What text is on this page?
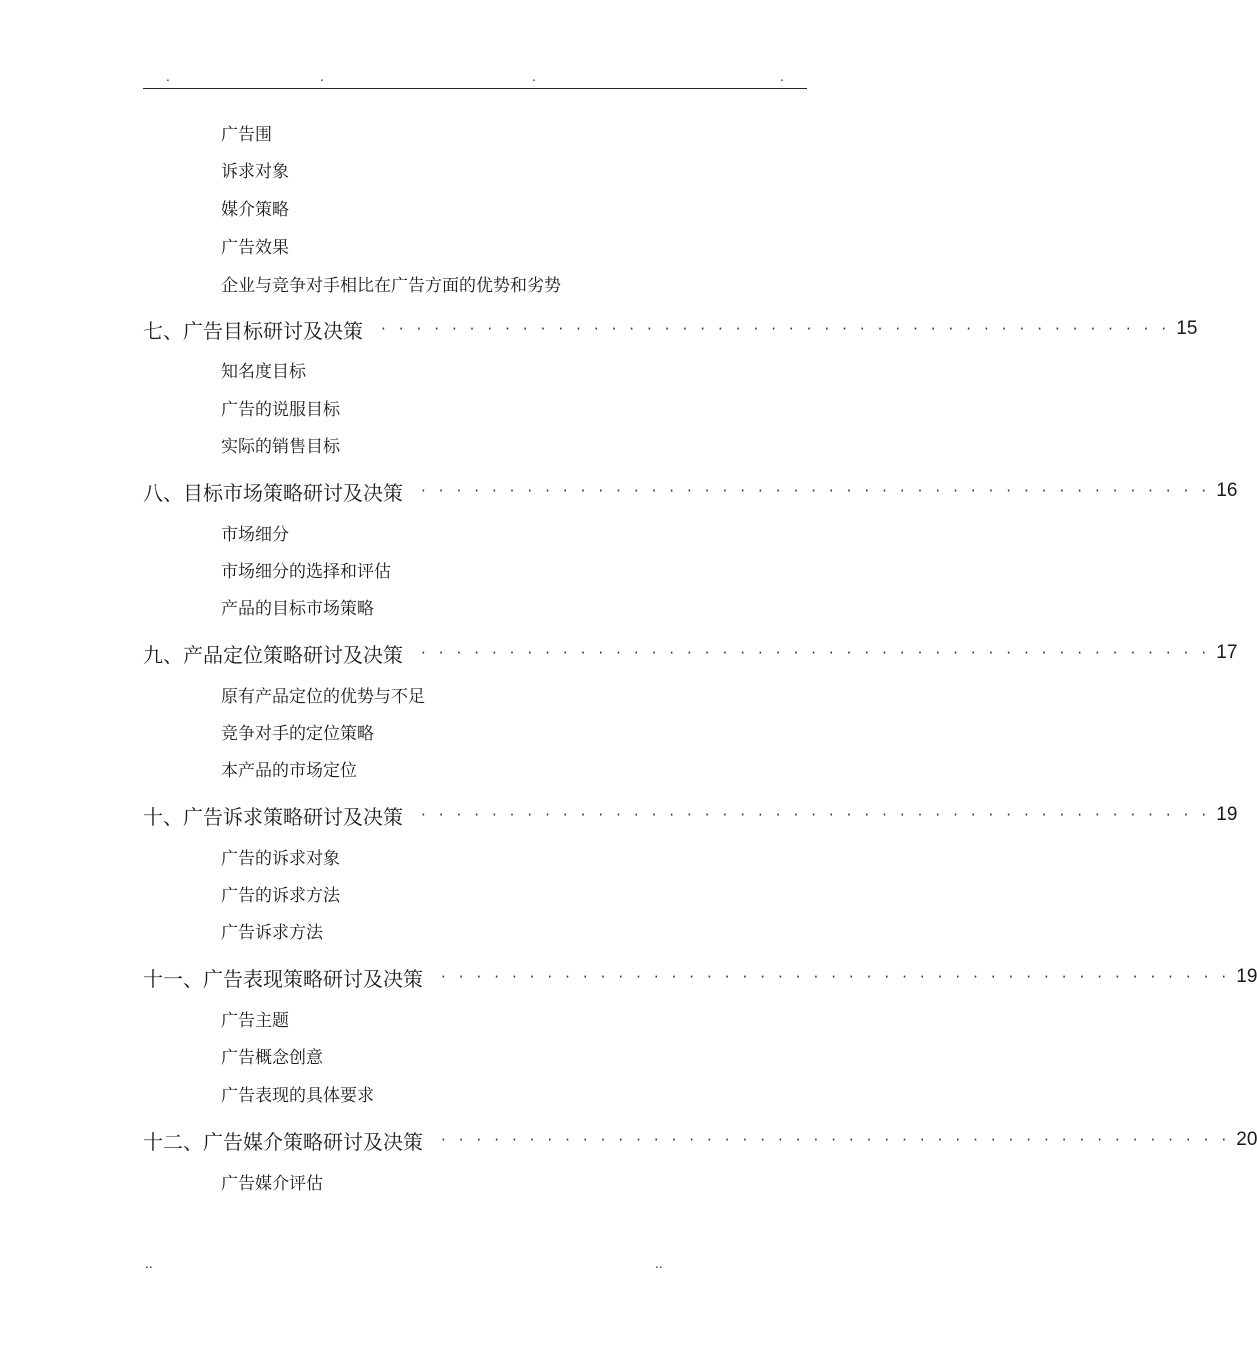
.	.	.	.
广告围
诉求对象
媒介策略
广告效果
企业与竞争对手相比在广告方面的优势和劣势
七、广告目标研讨及决策 · · · · · · · · · · · · · · · · · · · · · · · · · · · · · · · · · · · · · · · · · · · · · 15
知名度目标
广告的说服目标
实际的销售目标
八、目标市场策略研讨及决策 · · · · · · · · · · · · · · · · · · · · · · · · · · · · · · · · · · · · · · · · · · · · · 16
市场细分
市场细分的选择和评估
产品的目标市场策略
九、产品定位策略研讨及决策 · · · · · · · · · · · · · · · · · · · · · · · · · · · · · · · · · · · · · · · · · · · · · 17
原有产品定位的优势与不足
竞争对手的定位策略
本产品的市场定位
十、广告诉求策略研讨及决策 · · · · · · · · · · · · · · · · · · · · · · · · · · · · · · · · · · · · · · · · · · · · · 19
广告的诉求对象
广告的诉求方法
广告诉求方法
十一、广告表现策略研讨及决策 · · · · · · · · · · · · · · · · · · · · · · · · · · · · · · · · · · · · · · · · · · · · · 19
广告主题
广告概念创意
广告表现的具体要求
十二、广告媒介策略研讨及决策 · · · · · · · · · · · · · · · · · · · · · · · · · · · · · · · · · · · · · · · · · · · · · 20
广告媒介评估
..	..
